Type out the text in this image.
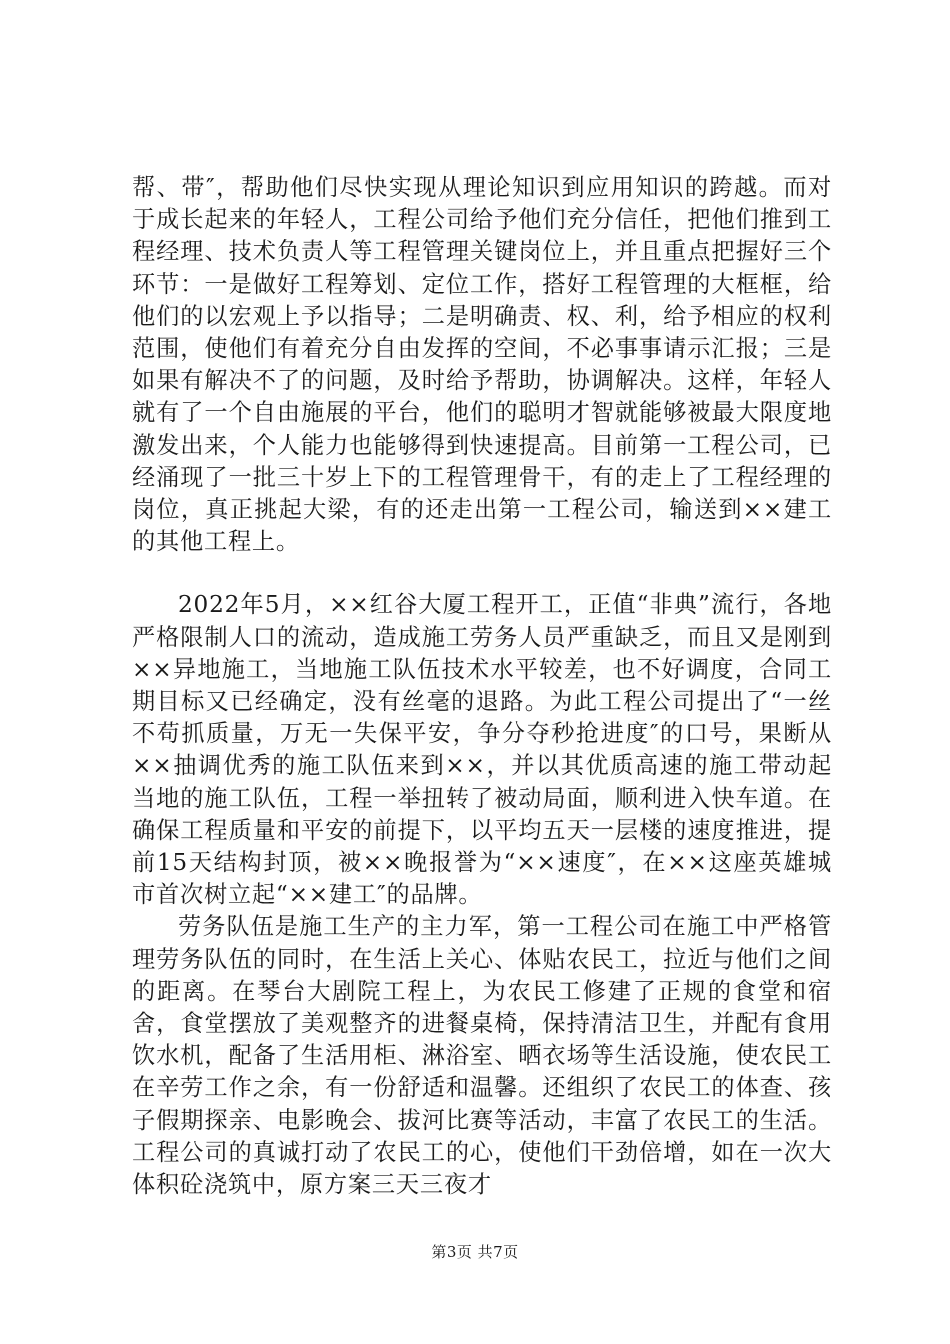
帮、带″，帮助他们尽快实现从理论知识到应用知识的跨越。而对于成长起来的年轻人，工程公司给予他们充分信任，把他们推到工程经理、技术负责人等工程管理关键岗位上，并且重点把握好三个环节：一是做好工程筹划、定位工作，搭好工程管理的大框框，给他们的以宏观上予以指导；二是明确责、权、利，给予相应的权利范围，使他们有着充分自由发挥的空间，不必事事请示汇报；三是如果有解决不了的问题，及时给予帮助，协调解决。这样，年轻人就有了一个自由施展的平台，他们的聪明才智就能够被最大限度地激发出来，个人能力也能够得到快速提高。目前第一工程公司，已经涌现了一批三十岁上下的工程管理骨干，有的走上了工程经理的岗位，真正挑起大梁，有的还走出第一工程公司，输送到××建工的其他工程上。

2022年5月，××红谷大厦工程开工，正值“非典”流行，各地严格限制人口的流动，造成施工劳务人员严重缺乏，而且又是刚到××异地施工，当地施工队伍技术水平较差，也不好调度，合同工期目标又已经确定，没有丝毫的退路。为此工程公司提出了“一丝不苟抓质量，万无一失保平安，争分夺秒抢进度″的口号，果断从××抽调优秀的施工队伍来到××，并以其优质高速的施工带动起当地的施工队伍，工程一举扭转了被动局面，顺利进入快车道。在确保工程质量和平安的前提下，以平均五天一层楼的速度推进，提前15天结构封顶，被××晚报誉为“××速度″，在××这座英雄城市首次树立起“××建工″的品牌。

劳务队伍是施工生产的主力军，第一工程公司在施工中严格管理劳务队伍的同时，在生活上关心、体贴农民工，拉近与他们之间的距离。在琴台大剧院工程上，为农民工修建了正规的食堂和宿舍，食堂摆放了美观整齐的进餐桌椅，保持清洁卫生，并配有食用饮水机，配备了生活用柜、淋浴室、晒衣场等生活设施，使农民工在辛劳工作之余，有一份舒适和温馨。还组织了农民工的体查、孩子假期探亲、电影晚会、拔河比赛等活动，丰富了农民工的生活。工程公司的真诚打动了农民工的心，使他们干劲倍增，如在一次大体积砼浇筑中，原方案三天三夜才

第3页 共7页
